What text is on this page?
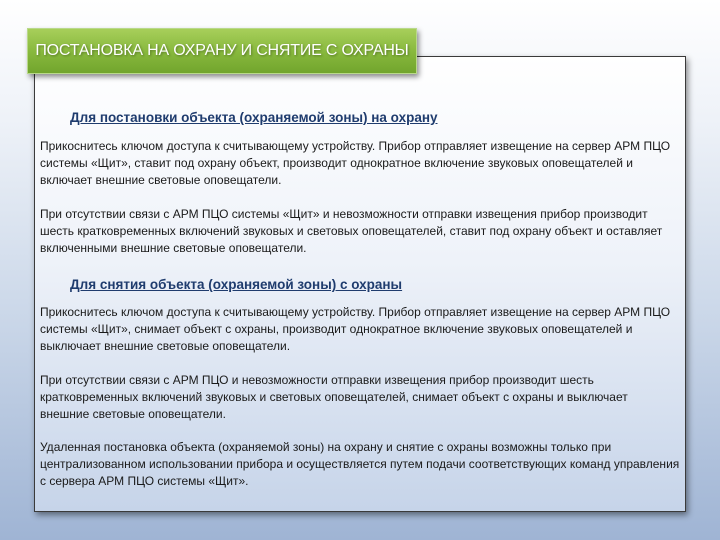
ПОСТАНОВКА НА ОХРАНУ И СНЯТИЕ С ОХРАНЫ
Для постановки объекта (охраняемой зоны) на охрану

Прикоснитесь ключом доступа к считывающему устройству. Прибор отправляет извещение на сервер АРМ ПЦО системы «Щит», ставит под охрану объект, производит однократное включение звуковых оповещателей и включает внешние световые оповещатели.

При отсутствии связи с АРМ ПЦО системы «Щит» и невозможности отправки извещения прибор производит шесть кратковременных включений звуковых и световых оповещателей, ставит под охрану объект и оставляет включенными внешние световые оповещатели.

Для снятия объекта (охраняемой зоны) с охраны

Прикоснитесь ключом доступа к считывающему устройству. Прибор отправляет извещение на сервер АРМ ПЦО системы «Щит», снимает объект с охраны, производит однократное включение звуковых оповещателей и выключает внешние световые оповещатели.

При отсутствии связи с АРМ ПЦО и невозможности отправки извещения прибор производит шесть кратковременных включений звуковых и световых оповещателей, снимает объект с охраны и выключает внешние световые оповещатели.

Удаленная постановка объекта (охраняемой зоны) на охрану и снятие с охраны возможны только при централизованном использовании прибора и осуществляется путем подачи соответствующих команд управления с сервера АРМ ПЦО системы «Щит».
